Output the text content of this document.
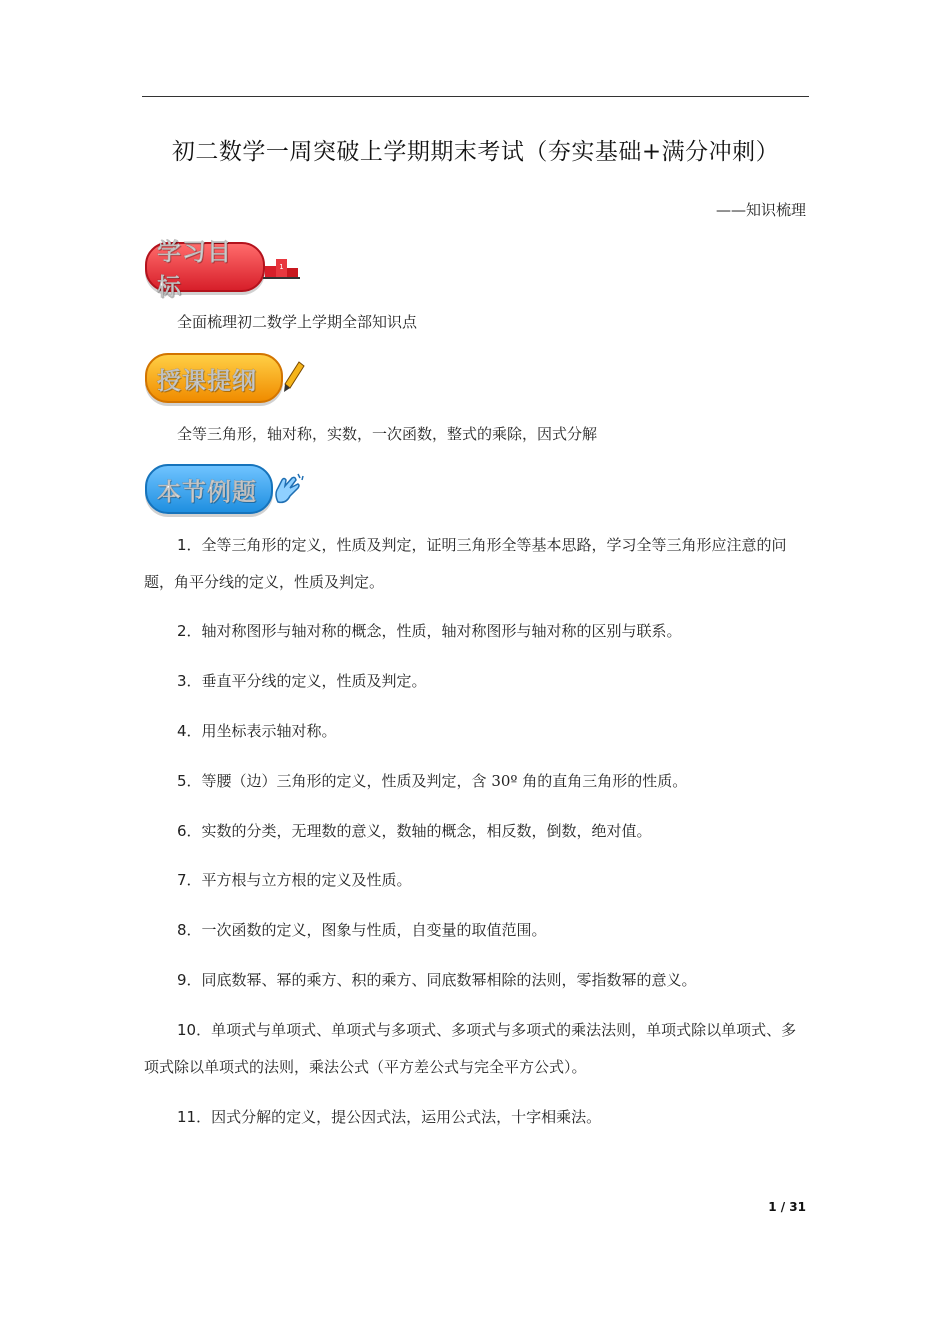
初二数学一周突破上学期期末考试（夯实基础+满分冲刺）
——知识梳理
学习目标
1
全面梳理初二数学上学期全部知识点
授课提纲
全等三角形，轴对称，实数，一次函数，整式的乘除，因式分解
本节例题
1．全等三角形的定义，性质及判定，证明三角形全等基本思路，学习全等三角形应注意的问题，角平分线的定义，性质及判定。
2．轴对称图形与轴对称的概念，性质，轴对称图形与轴对称的区别与联系。
3．垂直平分线的定义，性质及判定。
4．用坐标表示轴对称。
5．等腰（边）三角形的定义，性质及判定，含 30º 角的直角三角形的性质。
6．实数的分类，无理数的意义，数轴的概念，相反数，倒数，绝对值。
7．平方根与立方根的定义及性质。
8．一次函数的定义，图象与性质，自变量的取值范围。
9．同底数幂、幂的乘方、积的乘方、同底数幂相除的法则，零指数幂的意义。
10．单项式与单项式、单项式与多项式、多项式与多项式的乘法法则，单项式除以单项式、多项式除以单项式的法则，乘法公式（平方差公式与完全平方公式）。
11．因式分解的定义，提公因式法，运用公式法，十字相乘法。
1 / 31
